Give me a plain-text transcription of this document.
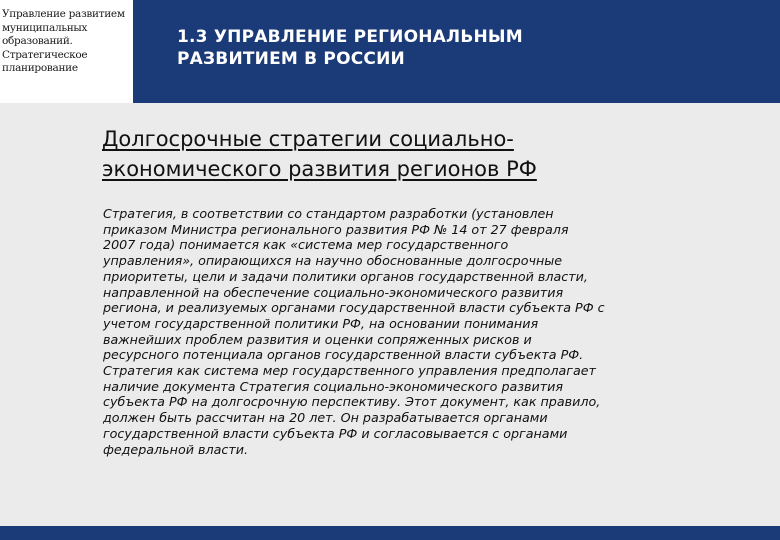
Управление развитием
муниципальных
образований.
Стратегическое
планирование
1.3 УПРАВЛЕНИЕ РЕГИОНАЛЬНЫМ
РАЗВИТИЕМ В РОССИИ
Долгосрочные стратегии социально-
экономического развития регионов РФ
Стратегия, в соответствии со стандартом разработки (установлен
приказом Министра регионального развития РФ № 14 от 27 февраля
2007 года) понимается как «система мер государственного
управления», опирающихся на научно обоснованные долгосрочные
приоритеты, цели и задачи политики органов государственной власти,
направленной на обеспечение социально-экономического развития
региона, и реализуемых органами государственной власти субъекта РФ с
учетом государственной политики РФ, на основании понимания
важнейших проблем развития и оценки сопряженных рисков и
ресурсного потенциала органов государственной власти субъекта РФ.
Стратегия как система мер государственного управления предполагает
наличие документа Стратегия социально-экономического развития
субъекта РФ на долгосрочную перспективу. Этот документ, как правило,
должен быть рассчитан на 20 лет. Он разрабатывается органами
государственной власти субъекта РФ и согласовывается с органами
федеральной власти.
